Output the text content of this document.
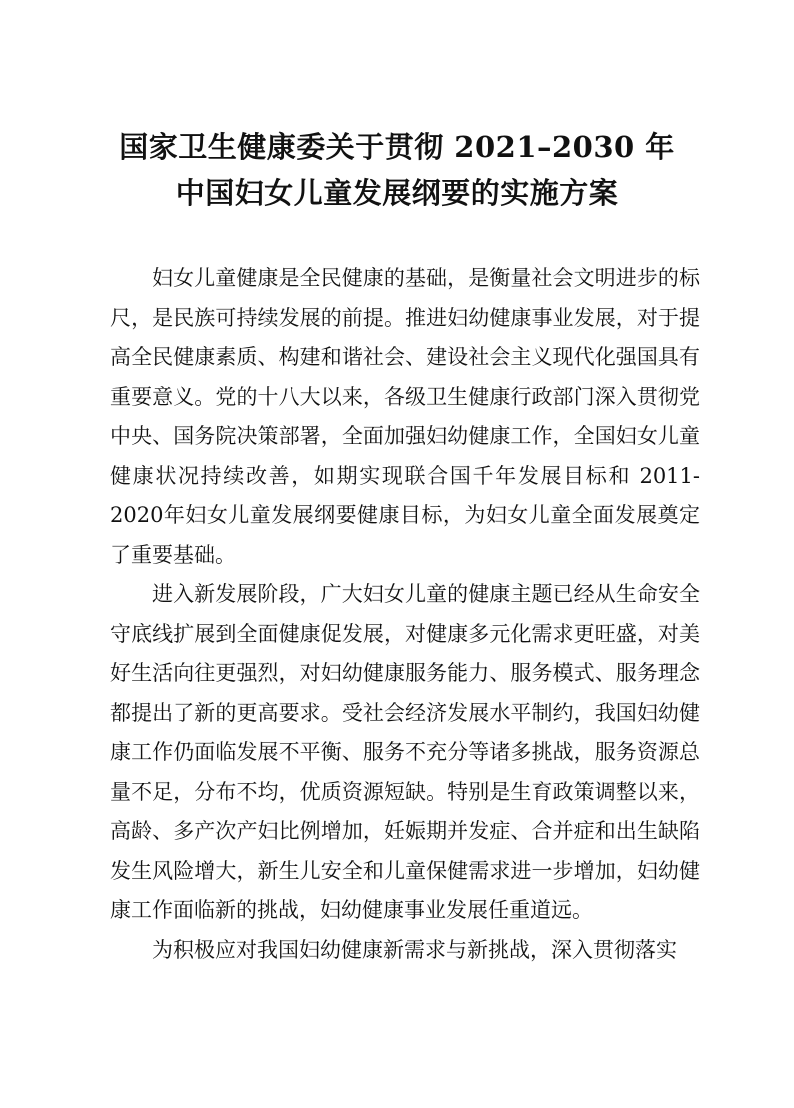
国家卫生健康委关于贯彻 2021–2030 年
中国妇女儿童发展纲要的实施方案

妇女儿童健康是全民健康的基础，是衡量社会文明进步的标尺，是民族可持续发展的前提。推进妇幼健康事业发展，对于提高全民健康素质、构建和谐社会、建设社会主义现代化强国具有重要意义。党的十八大以来，各级卫生健康行政部门深入贯彻党中央、国务院决策部署，全面加强妇幼健康工作，全国妇女儿童健康状况持续改善，如期实现联合国千年发展目标和 2011-2020年妇女儿童发展纲要健康目标，为妇女儿童全面发展奠定了重要基础。

进入新发展阶段，广大妇女儿童的健康主题已经从生命安全守底线扩展到全面健康促发展，对健康多元化需求更旺盛，对美好生活向往更强烈，对妇幼健康服务能力、服务模式、服务理念都提出了新的更高要求。受社会经济发展水平制约，我国妇幼健康工作仍面临发展不平衡、服务不充分等诸多挑战，服务资源总量不足，分布不均，优质资源短缺。特别是生育政策调整以来，高龄、多产次产妇比例增加，妊娠期并发症、合并症和出生缺陷发生风险增大，新生儿安全和儿童保健需求进一步增加，妇幼健康工作面临新的挑战，妇幼健康事业发展任重道远。

为积极应对我国妇幼健康新需求与新挑战，深入贯彻落实
